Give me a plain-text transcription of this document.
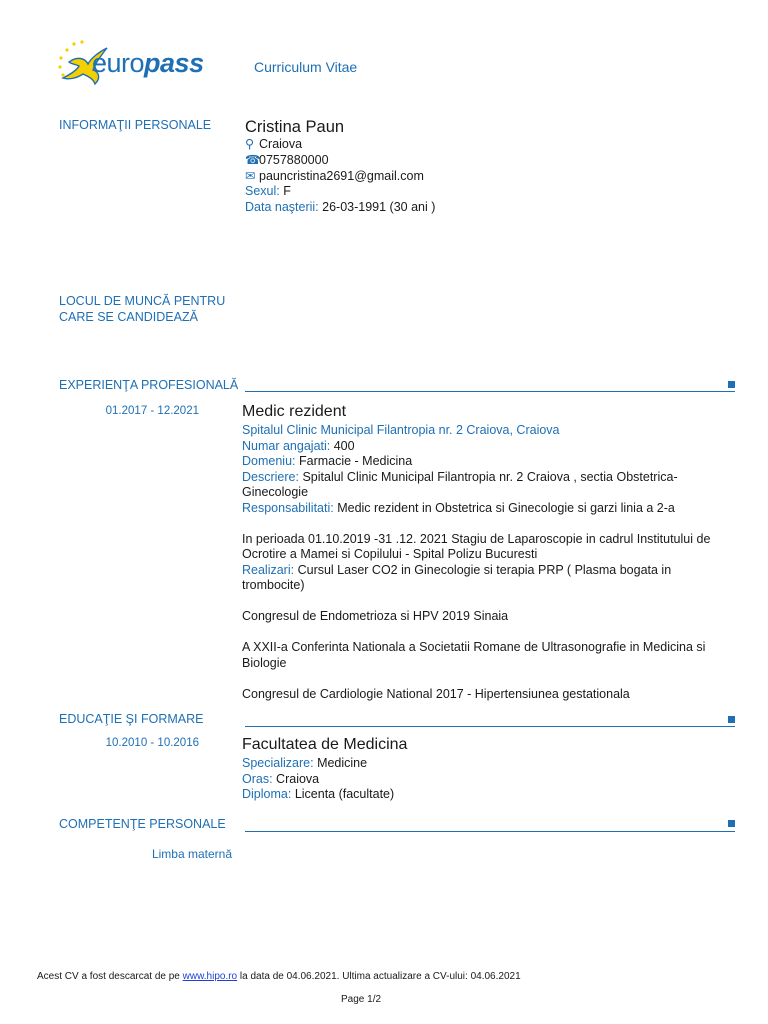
europass	Curriculum Vitae
INFORMAŢII PERSONALE Cristina Paun
⚲ Craiova
☎0757880000
✉ pauncristina2691@gmail.com
Sexul: F
Data naşterii: 26-03-1991 (30 ani )
LOCUL DE MUNCĂ PENTRU
CARE SE CANDIDEAZĂ
EXPERIENŢA PROFESIONALĂ
01.2017 - 12.2021	Medic rezident
Spitalul Clinic Municipal Filantropia nr. 2 Craiova, Craiova
Numar angajati: 400
Domeniu: Farmacie - Medicina
Descriere: Spitalul Clinic Municipal Filantropia nr. 2 Craiova , sectia Obstetrica-
Ginecologie
Responsabilitati: Medic rezident in Obstetrica si Ginecologie si garzi linia a 2-a
In perioada 01.10.2019 -31 .12. 2021 Stagiu de Laparoscopie in cadrul Institutului de
Ocrotire a Mamei si Copilului - Spital Polizu Bucuresti
Realizari: Cursul Laser CO2 in Ginecologie si terapia PRP ( Plasma bogata in
trombocite)
Congresul de Endometrioza si HPV 2019 Sinaia
A XXII-a Conferinta Nationala a Societatii Romane de Ultrasonografie in Medicina si
Biologie
Congresul de Cardiologie National 2017 - Hipertensiunea gestationala
EDUCAŢIE ŞI FORMARE
10.2010 - 10.2016	Facultatea de Medicina
Specializare: Medicine
Oras: Craiova
Diploma: Licenta (facultate)
COMPETENŢE PERSONALE
Limba maternă
Acest CV a fost descarcat de pe www.hipo.ro la data de 04.06.2021. Ultima actualizare a CV-ului: 04.06.2021
Page 1/2
